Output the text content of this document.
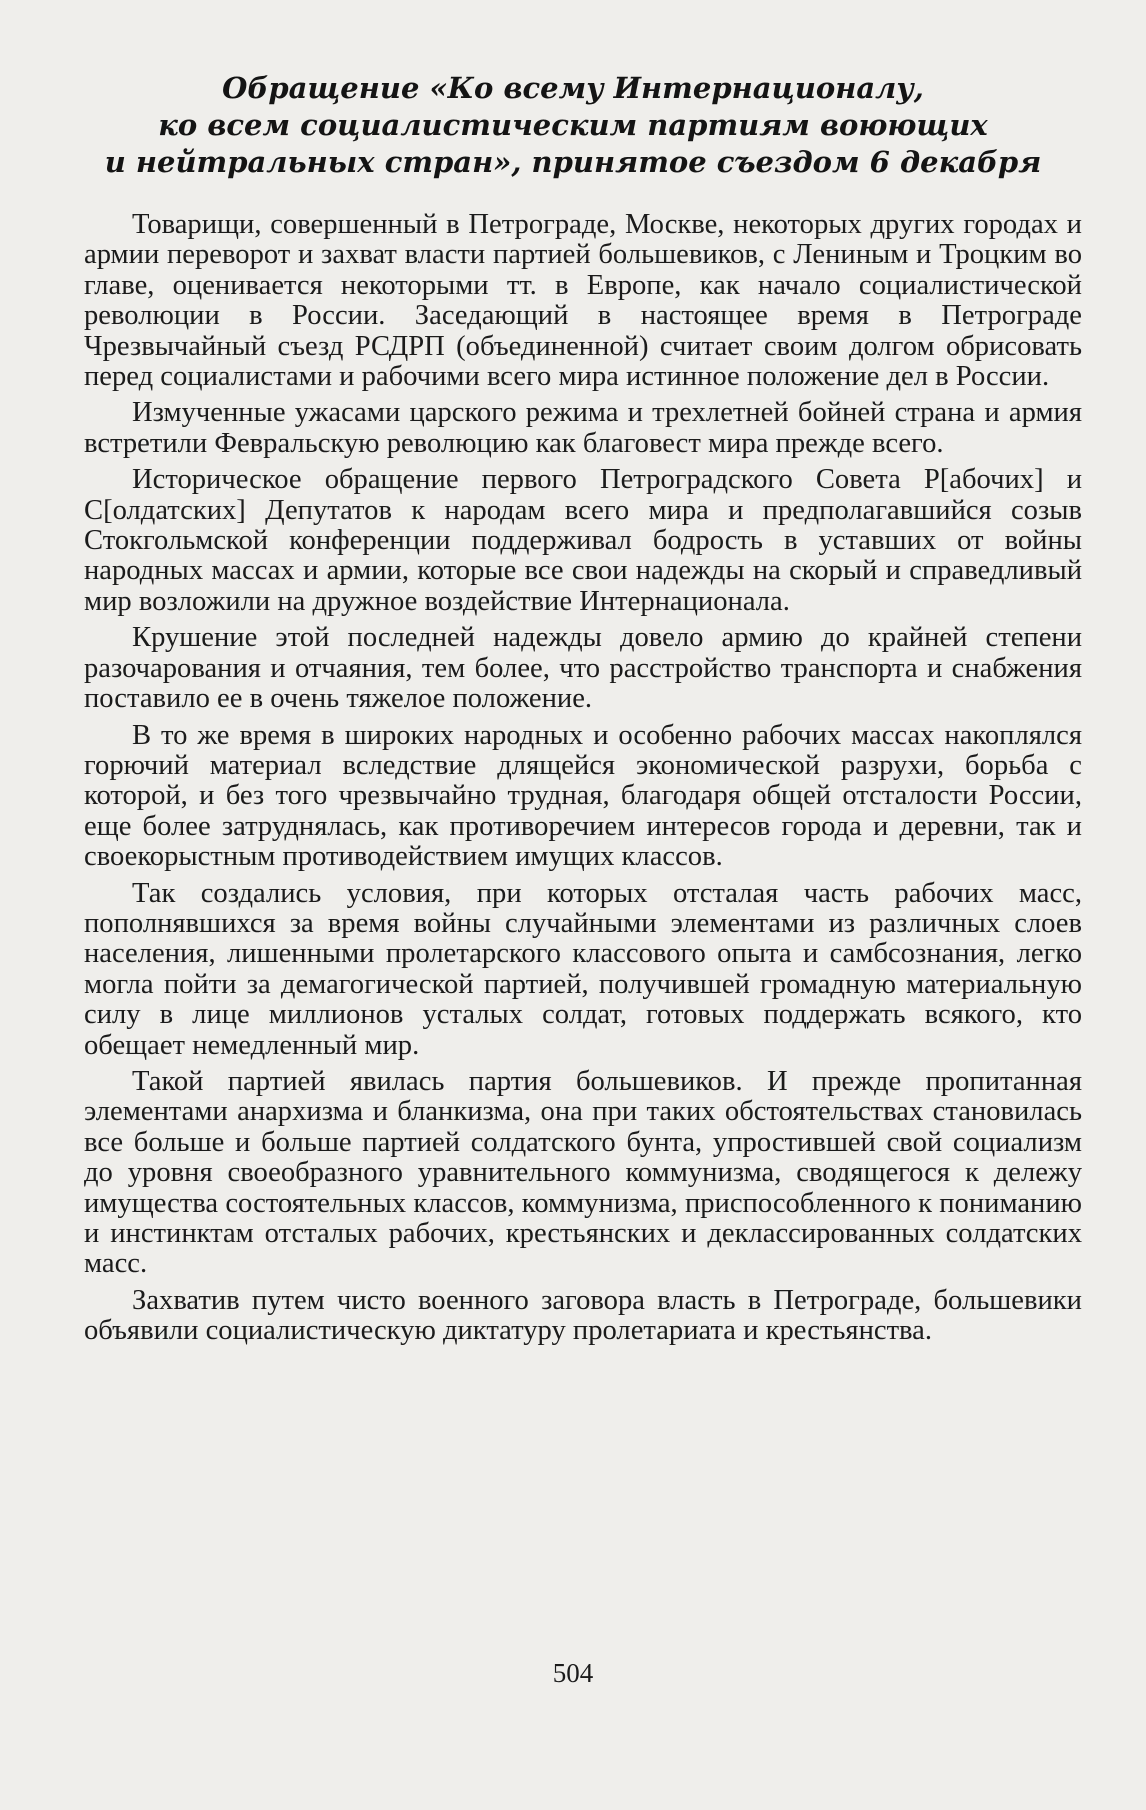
Обращение «Ко всему Интернационалу,
ко всем социалистическим партиям воюющих
и нейтральных стран», принятое съездом 6 декабря

Товарищи, совершенный в Петрограде, Москве, некоторых других городах и армии переворот и захват власти партией большевиков, с Лениным и Троцким во главе, оценивается некоторыми тт. в Европе, как начало социалистической революции в России. Заседающий в настоящее время в Петрограде Чрезвычайный съезд РСДРП (объединенной) считает своим долгом обрисовать перед социалистами и рабочими всего мира истинное положение дел в России.

Измученные ужасами царского режима и трехлетней бойней страна и армия встретили Февральскую революцию как благовест мира прежде всего.

Историческое обращение первого Петроградского Совета Р[абочих] и С[олдатских] Депутатов к народам всего мира и предполагавшийся созыв Стокгольмской конференции поддерживал бодрость в уставших от войны народных массах и армии, которые все свои надежды на скорый и справедливый мир возложили на дружное воздействие Интернационала.

Крушение этой последней надежды довело армию до крайней степени разочарования и отчаяния, тем более, что расстройство транспорта и снабжения поставило ее в очень тяжелое положение.

В то же время в широких народных и особенно рабочих массах накоплялся горючий материал вследствие длящейся экономической разрухи, борьба с которой, и без того чрезвычайно трудная, благодаря общей отсталости России, еще более затруднялась, как противоречием интересов города и деревни, так и своекорыстным противодействием имущих классов.

Так создались условия, при которых отсталая часть рабочих масс, пополнявшихся за время войны случайными элементами из различных слоев населения, лишенными пролетарского классового опыта и самбсознания, легко могла пойти за демагогической партией, получившей громадную материальную силу в лице миллионов усталых солдат, готовых поддержать всякого, кто обещает немедленный мир.

Такой партией явилась партия большевиков. И прежде пропитанная элементами анархизма и бланкизма, она при таких обстоятельствах становилась все больше и больше партией солдатского бунта, упростившей свой социализм до уровня своеобразного уравнительного коммунизма, сводящегося к дележу имущества состоятельных классов, коммунизма, приспособленного к пониманию и инстинктам отсталых рабочих, крестьянских и деклассированных солдатских масс.

Захватив путем чисто военного заговора власть в Петрограде, большевики объявили социалистическую диктатуру пролетариата и крестьянства.

504
